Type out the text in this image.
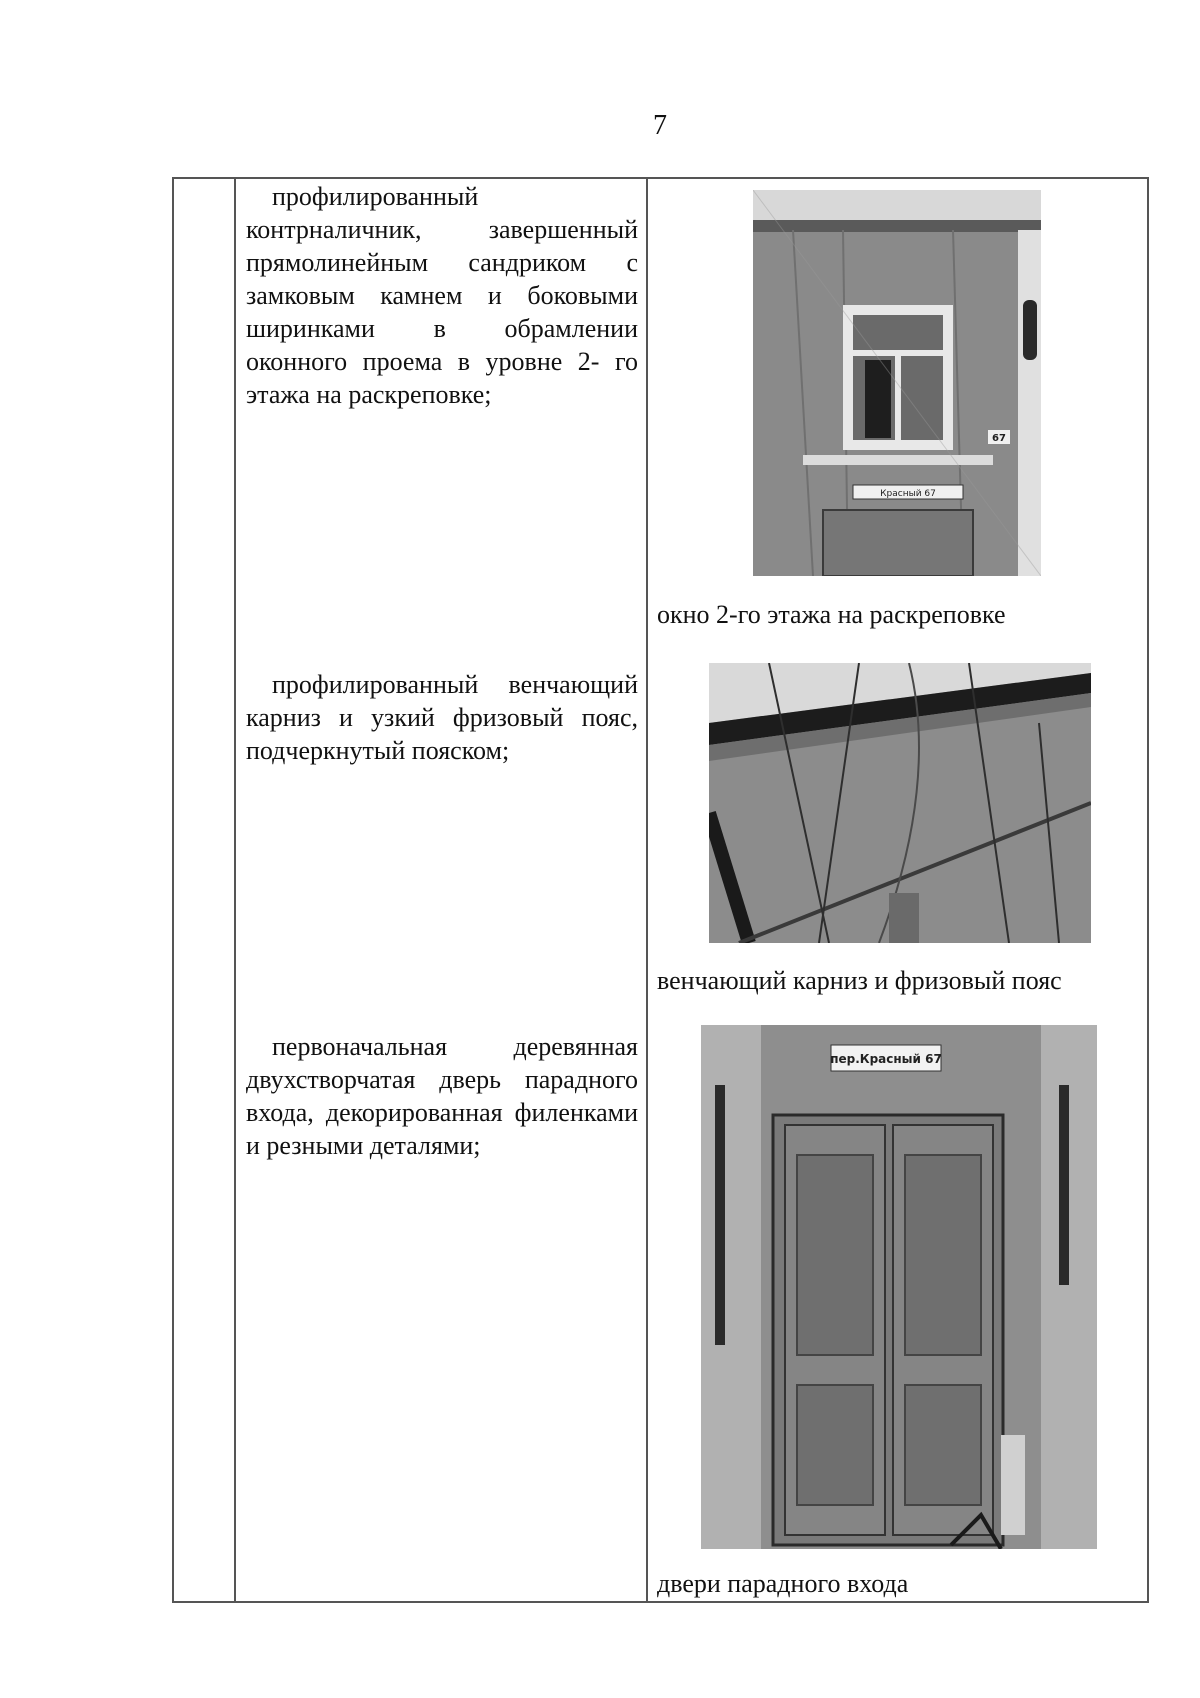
7

профилированный контрналичник, завершенный прямолинейным сандриком с замковым камнем и боковыми ширинками в обрамлении оконного проема в уровне 2- го этажа на раскреповке;

Красный 67
67
окно 2-го этажа на раскреповке

профилированный венчающий карниз и узкий фризовый пояс, подчеркнутый пояском;

венчающий карниз и фризовый пояс

первоначальная деревянная двухстворчатая дверь парадного входа, декорированная филенками и резными деталями;

пер.Красный 67
двери парадного входа
